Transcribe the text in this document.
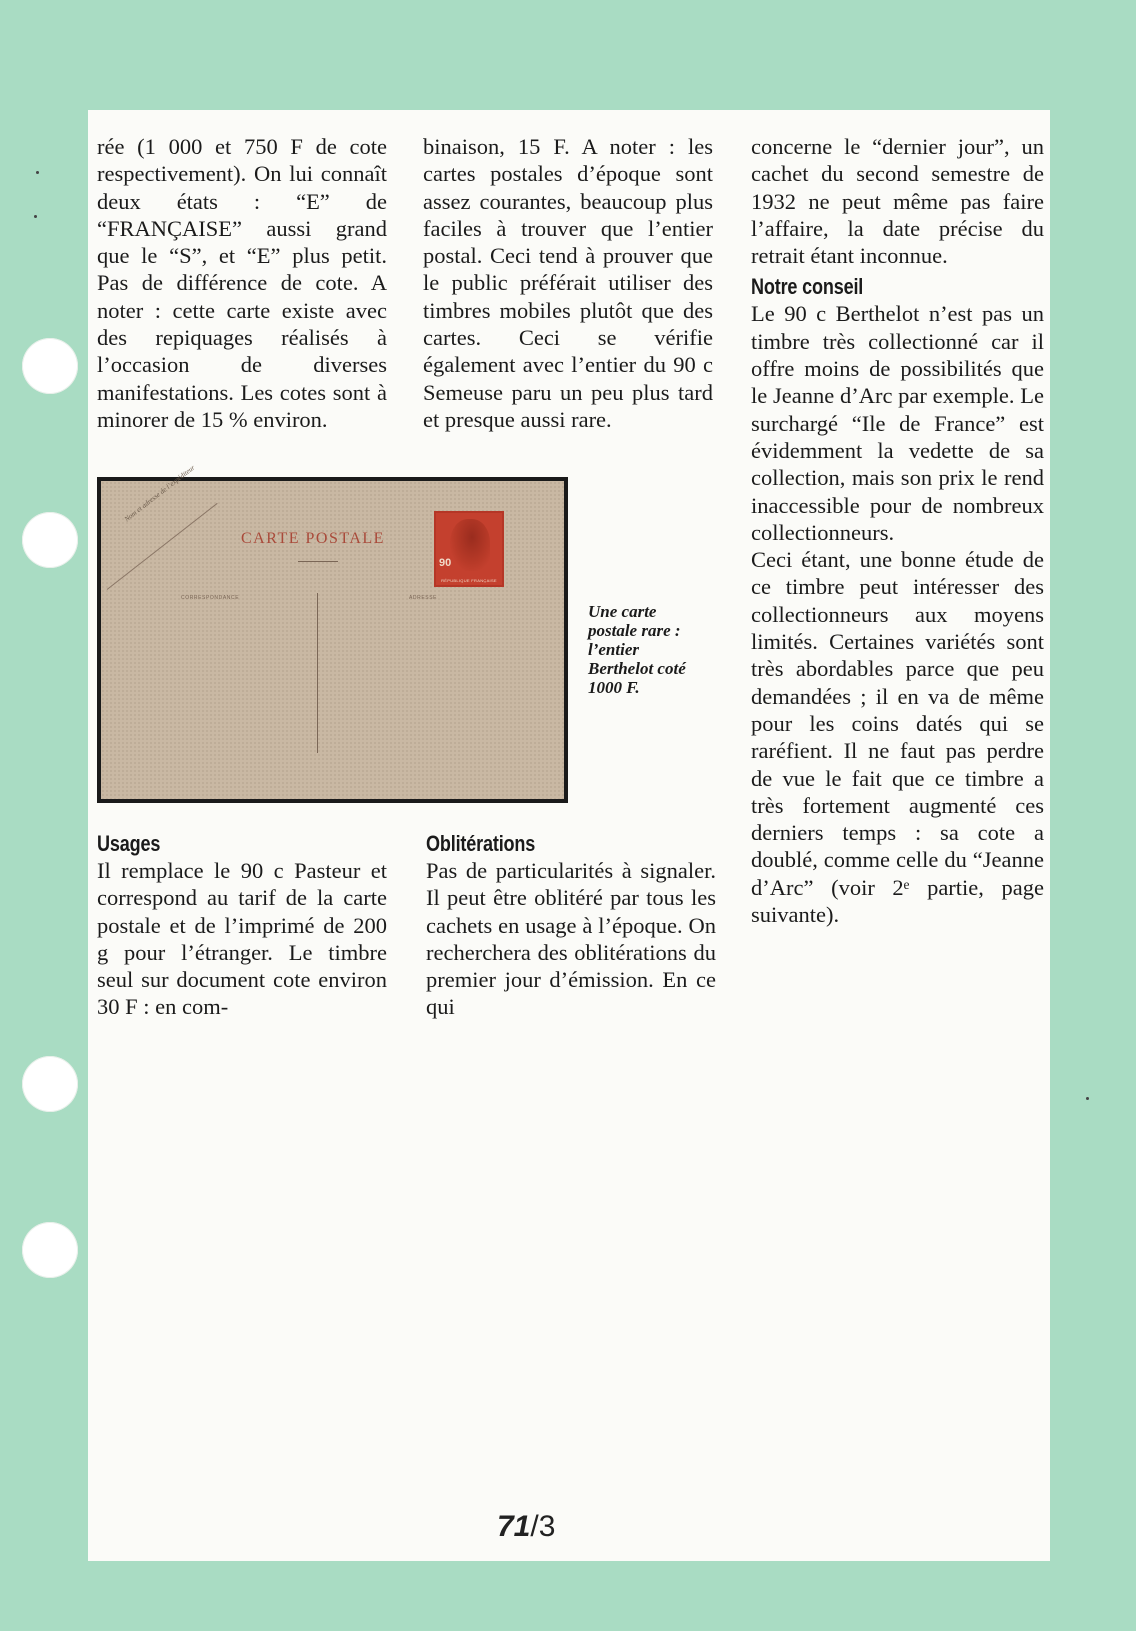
rée (1 000 et 750 F de cote respectivement). On lui connaît deux états : “E” de “FRANÇAISE” aussi grand que le “S”, et “E” plus petit. Pas de différence de cote. A noter : cette carte existe avec des repiquages réalisés à l’occasion de diverses manifestations. Les cotes sont à minorer de 15 % environ.

binaison, 15 F. A noter : les cartes postales d’époque sont assez courantes, beaucoup plus faciles à trouver que l’entier postal. Ceci tend à prouver que le public préférait utiliser des timbres mobiles plutôt que des cartes. Ceci se vérifie également avec l’entier du 90 c Semeuse paru un peu plus tard et presque aussi rare.

concerne le “dernier jour”, un cachet du second semestre de 1932 ne peut même pas faire l’affaire, la date précise du retrait étant inconnue.

Notre conseil

Le 90 c Berthelot n’est pas un timbre très collectionné car il offre moins de possibilités que le Jeanne d’Arc par exemple. Le surchargé “Ile de France” est évidemment la vedette de sa collection, mais son prix le rend inaccessible pour de nombreux collectionneurs.

Ceci étant, une bonne étude de ce timbre peut intéresser des collectionneurs aux moyens limités. Certaines variétés sont très abordables parce que peu demandées ; il en va de même pour les coins datés qui se raréfient. Il ne faut pas perdre de vue le fait que ce timbre a très fortement augmenté ces derniers temps : sa cote a doublé, comme celle du “Jeanne d’Arc” (voir 2ᵉ partie, page suivante).

Nom et adresse de l’expéditeur
CARTE POSTALE
CORRESPONDANCE	ADRESSE
90
RÉPUBLIQUE FRANÇAISE
Une carte postale rare : l’entier Berthelot coté 1000 F.

Usages

Il remplace le 90 c Pasteur et correspond au tarif de la carte postale et de l’imprimé de 200 g pour l’étranger. Le timbre seul sur document cote environ 30 F : en com-

Oblitérations

Pas de particularités à signaler. Il peut être oblitéré par tous les cachets en usage à l’époque. On recherchera des oblitérations du premier jour d’émission. En ce qui

71/3
